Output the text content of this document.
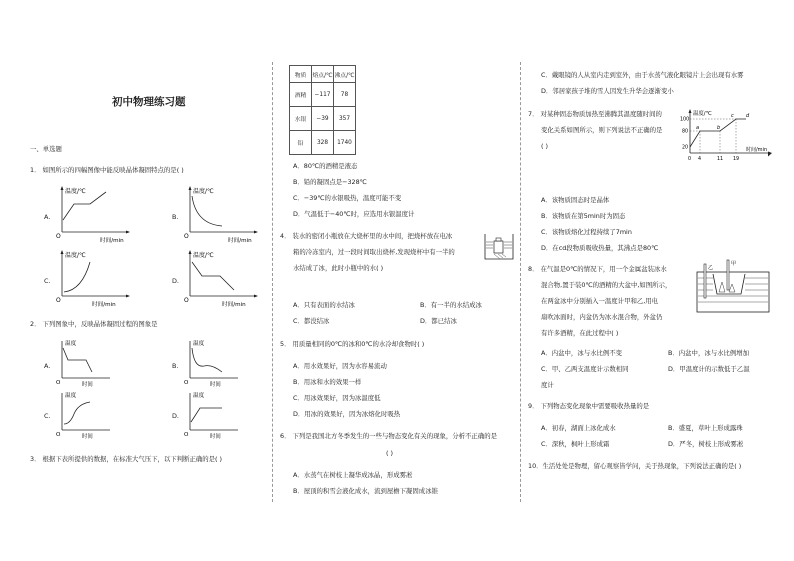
初中物理练习题
一、单选题
1． 如图所示的四幅图像中能反映晶体凝固特点的是( )
A.	B.
C.	D.
温度/℃
O
时间/min
温度/℃
O
时间/min
温度/℃
O
时间/min
温度/℃
O
时间/min
2． 下列图象中，反映晶体凝固过程的图象是
A.	B.
C.	D.
温度
O	时间
温度
O	时间
温度
O	时间
温度
O	时间
3． 根据下表所提供的数据，在标准大气压下，以下判断正确的是( )
物质	熔点/℃	沸点/℃
酒精	−117	78
水银	−39	357
铅	328	1740
A．80℃的酒精是液态
B．铅的凝固点是−328℃
C．−39℃的水银吸热，温度可能不变
D．气温低于−40℃时，应选用水银温度计
4． 装水的密闭小瓶放在大烧杯里的水中间，把烧杯放在电冰
箱的冷冻室内，过一段时间取出烧杯,发现烧杯中有一半的
水结成了冰，此时小瓶中的水( )
A．只有表面的水结冰	B．有一半的水结成冰
C．都没结冰	D．都已结冰
5． 用质量相同的0℃的冰和0℃的水冷却食物时( )
A．用水效果好，因为水容易流动
B．用冰和水的效果一样
C．用冰效果好，因为冰温度低
D．用冰的效果好，因为冰熔化时吸热
6． 下列是我国北方冬季发生的一些与物态变化有关的现象，分析不正确的是
( )
A．水蒸气在树枝上凝华成冰晶，形成雾凇
B．屋顶的积雪会液化成水，流到屋檐下凝固成冰锥
C．戴眼镜的人从室内走到室外，由于水蒸气液化眼镜片上会出现有水雾
D．邻居家孩子堆的雪人因发生升华会逐渐变小
7． 对某种固态物质加热至沸腾其温度随时间的
变化关系如图所示，则下列说法不正确的是
( )
温度/℃
100
80
20
0 4	11 19
时间/min
a	b
c d
A．该物质固态时是晶体
B．该物质在第5min时为固态
C．该物质熔化过程持续了7min
D．在cd段物质吸收热量，其沸点是80℃
8． 在气温是0℃的情况下，用一个金属盆装冰水
混合物,置于装0℃的酒精的大盆中,如图所示，
在两盆冰中分别插入一温度计甲和乙,用电
扇吹冰面时，内盆仍为冰水混合物，外盆仍
有许多酒精，在此过程中( )
乙
甲
A．内盆中，冰与水比例不变	B．内盆中，冰与水比例增加
C．甲、乙两支温度计示数相同	D．甲温度计的示数低于乙温
度计
9． 下列物态变化现象中需要吸收热量的是
A．初春，湖面上冰化成水	B．盛夏，草叶上形成露珠
C．深秋，枫叶上形成霜	D．严冬，树枝上形成雾凇
10．生活处处是物理，留心观察皆学问，关于热现象，下列说法正确的是( )
